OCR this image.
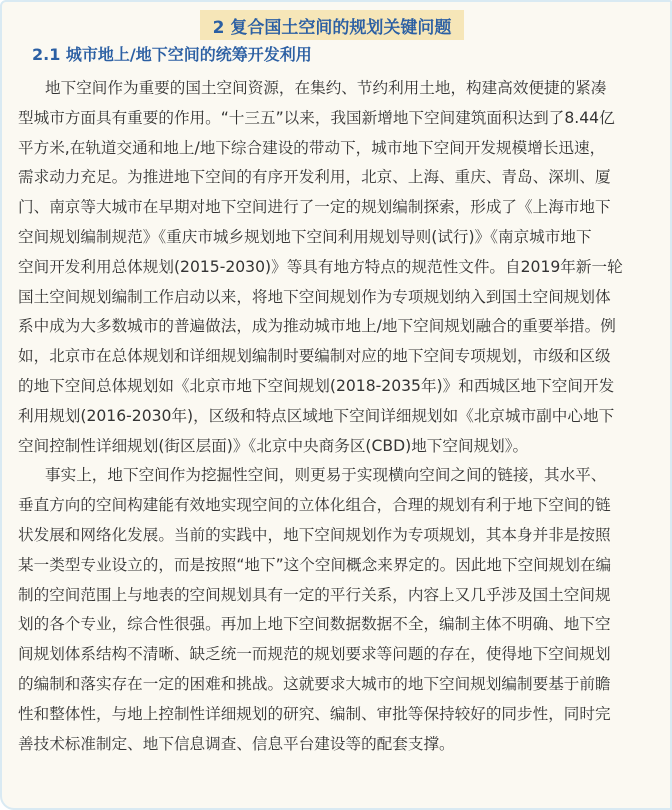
2 复合国土空间的规划关键问题
2.1 城市地上/地下空间的统筹开发利用
地下空间作为重要的国土空间资源，在集约、节约利用土地，构建高效便捷的紧凑
型城市方面具有重要的作用。“十三五”以来，我国新增地下空间建筑面积达到了8.44亿
平方米,在轨道交通和地上/地下综合建设的带动下，城市地下空间开发规模增长迅速，
需求动力充足。为推进地下空间的有序开发利用，北京、上海、重庆、青岛、深圳、厦
门、南京等大城市在早期对地下空间进行了一定的规划编制探索，形成了《上海市地下
空间规划编制规范》《重庆市城乡规划地下空间利用规划导则(试行)》《南京城市地下
空间开发利用总体规划(2015-2030)》等具有地方特点的规范性文件。自2019年新一轮
国土空间规划编制工作启动以来，将地下空间规划作为专项规划纳入到国土空间规划体
系中成为大多数城市的普遍做法，成为推动城市地上/地下空间规划融合的重要举措。例
如，北京市在总体规划和详细规划编制时要编制对应的地下空间专项规划，市级和区级
的地下空间总体规划如《北京市地下空间规划(2018-2035年)》和西城区地下空间开发
利用规划(2016-2030年)，区级和特点区域地下空间详细规划如《北京城市副中心地下
空间控制性详细规划(街区层面)》《北京中央商务区(CBD)地下空间规划》。
事实上，地下空间作为挖掘性空间，则更易于实现横向空间之间的链接，其水平、
垂直方向的空间构建能有效地实现空间的立体化组合，合理的规划有利于地下空间的链
状发展和网络化发展。当前的实践中，地下空间规划作为专项规划，其本身并非是按照
某一类型专业设立的，而是按照“地下”这个空间概念来界定的。因此地下空间规划在编
制的空间范围上与地表的空间规划具有一定的平行关系，内容上又几乎涉及国土空间规
划的各个专业，综合性很强。再加上地下空间数据数据不全，编制主体不明确、地下空
间规划体系结构不清晰、缺乏统一而规范的规划要求等问题的存在，使得地下空间规划
的编制和落实存在一定的困难和挑战。这就要求大城市的地下空间规划编制要基于前瞻
性和整体性，与地上控制性详细规划的研究、编制、审批等保持较好的同步性，同时完
善技术标准制定、地下信息调查、信息平台建设等的配套支撑。
